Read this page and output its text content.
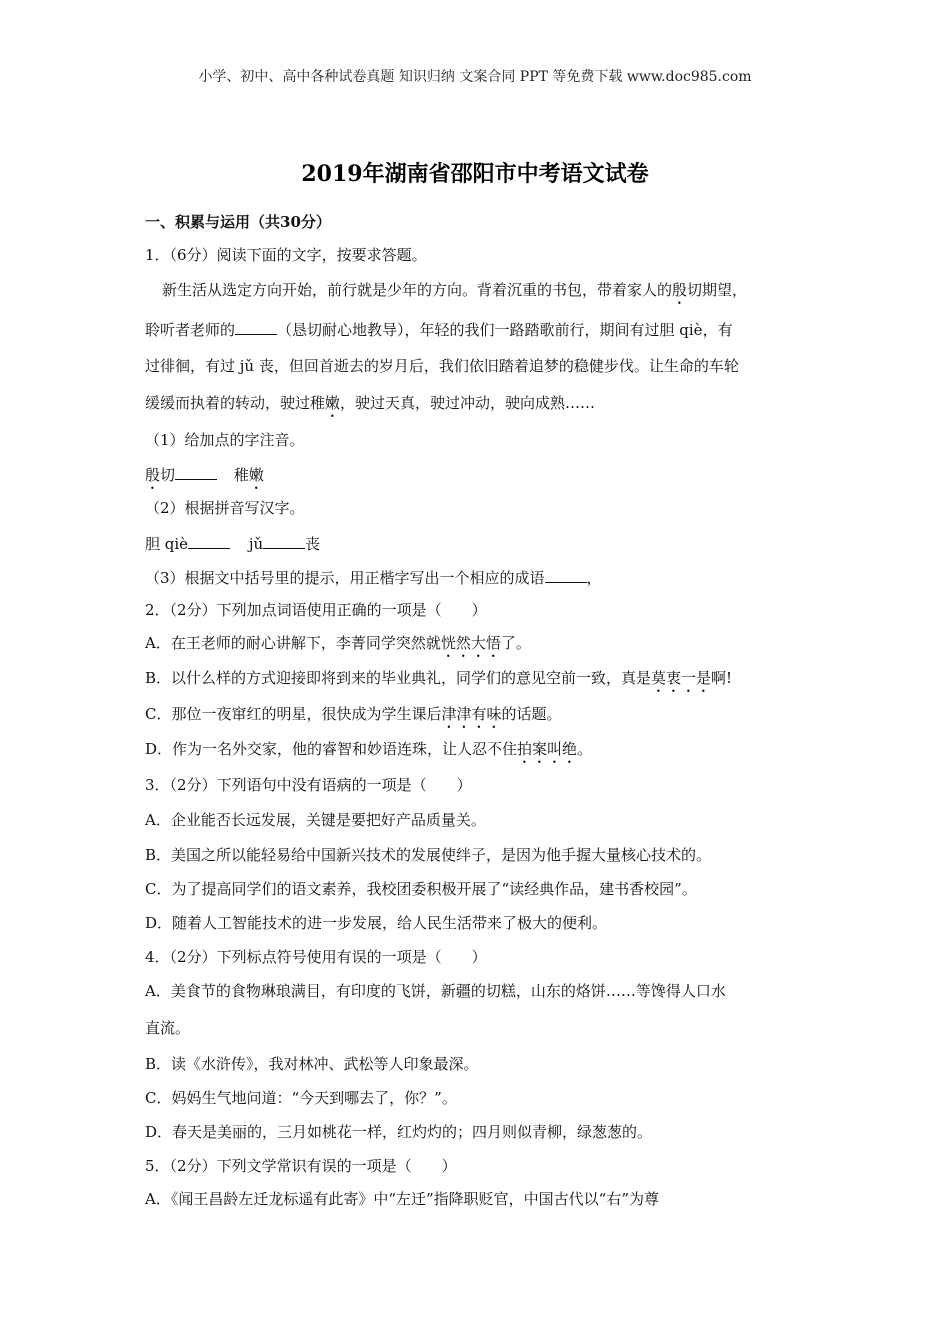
小学、初中、高中各种试卷真题 知识归纳 文案合同 PPT 等免费下载 www.doc985.com
2019年湖南省邵阳市中考语文试卷
一、积累与运用（共30分）
1．（6分）阅读下面的文字，按要求答题。
新生活从选定方向开始，前行就是少年的方向。背着沉重的书包，带着家人的殷切期望，
聆听者老师的	（恳切耐心地教导），年轻的我们一路踏歌前行，期间有过胆 qiè，有
过徘徊，有过 jǔ 丧，但回首逝去的岁月后，我们依旧踏着追梦的稳健步伐。让生命的车轮
缓缓而执着的转动，驶过稚嫩，驶过天真，驶过冲动，驶向成熟……
（1）给加点的字注音。
殷切	稚嫩
（2）根据拼音写汉字。
胆 qiè	jǔ	丧
（3）根据文中括号里的提示，用正楷字写出一个相应的成语	，
2．（2分）下列加点词语使用正确的一项是（　　）
A．在王老师的耐心讲解下，李菁同学突然就恍然大悟了。
B．以什么样的方式迎接即将到来的毕业典礼，同学们的意见空前一致，真是莫衷一是啊!
C．那位一夜窜红的明星，很快成为学生课后津津有味的话题。
D．作为一名外交家，他的睿智和妙语连珠，让人忍不住拍案叫绝。
3．（2分）下列语句中没有语病的一项是（　　）
A．企业能否长远发展，关键是要把好产品质量关。
B．美国之所以能轻易给中国新兴技术的发展使绊子，是因为他手握大量核心技术的。
C．为了提高同学们的语文素养，我校团委积极开展了“读经典作品，建书香校园”。
D．随着人工智能技术的进一步发展，给人民生活带来了极大的便利。
4．（2分）下列标点符号使用有误的一项是（　　）
A．美食节的食物琳琅满目，有印度的飞饼，新疆的切糕，山东的烙饼……等馋得人口水
直流。
B．读《水浒传》，我对林冲、武松等人印象最深。
C．妈妈生气地问道：“今天到哪去了，你？”。
D．春天是美丽的，三月如桃花一样，红灼灼的；四月则似青柳，绿葱葱的。
5．（2分）下列文学常识有误的一项是（　　）
A．《闻王昌龄左迁龙标遥有此寄》中“左迁”指降职贬官，中国古代以“右”为尊
